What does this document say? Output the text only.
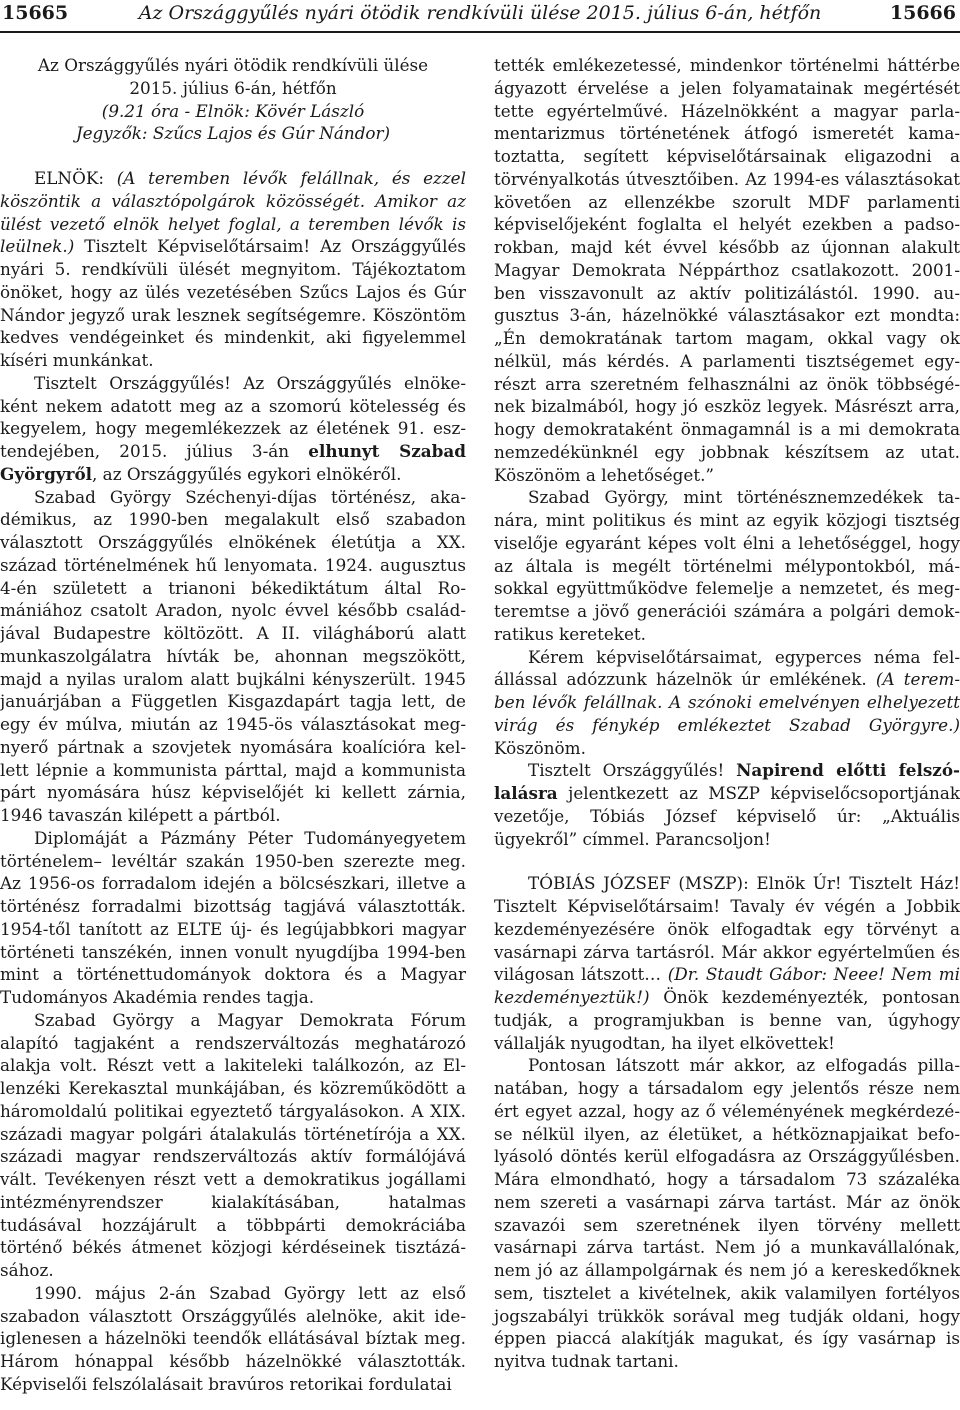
15665	Az Országgyűlés nyári ötödik rendkívüli ülése 2015. július 6-án, hétfőn	15666

Az Országgyűlés nyári ötödik rendkívüli ülése

2015. július 6-án, hétfőn

(9.21 óra - Elnök: Kövér László

Jegyzők: Szűcs Lajos és Gúr Nándor)

ELNÖK: (A teremben lévők felállnak, és ezzel köszöntik a választópolgárok közösségét. Amikor az ülést vezető elnök helyet foglal, a teremben lévők is leülnek.) Tisztelt Képviselőtársaim! Az Országgyűlés nyári 5. rendkívüli ülését megnyitom. Tájékoztatom önöket, hogy az ülés vezetésében Szűcs Lajos és Gúr Nándor jegyző urak lesznek segítségemre. Köszöntöm kedves vendégeinket és mindenkit, aki figyelemmel kíséri munkánkat.

Tisztelt Országgyűlés! Az Országgyűlés elnökeként nekem adatott meg az a szomorú kötelesség és kegyelem, hogy megemlékezzek az életének 91. esztendejében, 2015. július 3-án elhunyt Szabad Györgyről, az Országgyűlés egykori elnökéről.

Szabad György Széchenyi-díjas történész, akadémikus, az 1990-ben megalakult első szabadon választott Országgyűlés elnökének életútja a XX. század történelmének hű lenyomata. 1924. augusztus 4-én született a trianoni békediktátum által Romániához csatolt Aradon, nyolc évvel később családjával Budapestre költözött. A II. világháború alatt munkaszolgálatra hívták be, ahonnan megszökött, majd a nyilas uralom alatt bujkálni kényszerült. 1945 januárjában a Független Kisgazdapárt tagja lett, de egy év múlva, miután az 1945-ös választásokat megnyerő pártnak a szovjetek nyomására koalícióra kellett lépnie a kommunista párttal, majd a kommunista párt nyomására húsz képviselőjét ki kellett zárnia, 1946 tavaszán kilépett a pártból.

Diplomáját a Pázmány Péter Tudományegyetem történelem– levéltár szakán 1950-ben szerezte meg. Az 1956-os forradalom idején a bölcsészkari, illetve a történész forradalmi bizottság tagjává választották. 1954-től tanított az ELTE új- és legújabbkori magyar történeti tanszékén, innen vonult nyugdíjba 1994-ben mint a történettudományok doktora és a Magyar Tudományos Akadémia rendes tagja.

Szabad György a Magyar Demokrata Fórum alapító tagjaként a rendszerváltozás meghatározó alakja volt. Részt vett a lakiteleki találkozón, az Ellenzéki Kerekasztal munkájában, és közreműködött a háromoldalú politikai egyeztető tárgyalásokon. A XIX. századi magyar polgári átalakulás történetírója a XX. századi magyar rendszerváltozás aktív formálójává vált. Tevékenyen részt vett a demokratikus jogállami intézményrendszer kialakításában, hatalmas tudásával hozzájárult a többpárti demokráciába történő békés átmenet közjogi kérdéseinek tisztázásához.

1990. május 2-án Szabad György lett az első szabadon választott Országgyűlés alelnöke, akit ideiglenesen a házelnöki teendők ellátásával bíztak meg. Három hónappal később házelnökké választották. Képviselői felszólalásait bravúros retorikai fordulatai

tették emlékezetessé, mindenkor történelmi háttérbe ágyazott érvelése a jelen folyamatainak megértését tette egyértelművé. Házelnökként a magyar parlamentarizmus történetének átfogó ismeretét kamatoztatta, segített képviselőtársainak eligazodni a törvényalkotás útvesztőiben. Az 1994-es választásokat követően az ellenzékbe szorult MDF parlamenti képviselőjeként foglalta el helyét ezekben a padsorokban, majd két évvel később az újonnan alakult Magyar Demokrata Néppárthoz csatlakozott. 2001-ben visszavonult az aktív politizálástól. 1990. augusztus 3-án, házelnökké választásakor ezt mondta: „Én demokratának tartom magam, okkal vagy ok nélkül, más kérdés. A parlamenti tisztségemet egyrészt arra szeretném felhasználni az önök többségének bizalmából, hogy jó eszköz legyek. Másrészt arra, hogy demokrataként önmagamnál is a mi demokrata nemzedékünknél egy jobbnak készítsem az utat. Köszönöm a lehetőséget.”

Szabad György, mint történésznemzedékek tanára, mint politikus és mint az egyik közjogi tisztség viselője egyaránt képes volt élni a lehetőséggel, hogy az általa is megélt történelmi mélypontokból, másokkal együttműködve felemelje a nemzetet, és megteremtse a jövő generációi számára a polgári demokratikus kereteket.

Kérem képviselőtársaimat, egyperces néma felállással adózzunk házelnök úr emlékének. (A teremben lévők felállnak. A szónoki emelvényen elhelyezett virág és fénykép emlékeztet Szabad Györgyre.) Köszönöm.

Tisztelt Országgyűlés! Napirend előtti felszólalásra jelentkezett az MSZP képviselőcsoportjának vezetője, Tóbiás József képviselő úr: „Aktuális ügyekről” címmel. Parancsoljon!

TÓBIÁS JÓZSEF (MSZP): Elnök Úr! Tisztelt Ház! Tisztelt Képviselőtársaim! Tavaly év végén a Jobbik kezdeményezésére önök elfogadtak egy törvényt a vasárnapi zárva tartásról. Már akkor egyértelműen és világosan látszott… (Dr. Staudt Gábor: Neee! Nem mi kezdeményeztük!) Önök kezdeményezték, pontosan tudják, a programjukban is benne van, úgyhogy vállalják nyugodtan, ha ilyet elkövettek!

Pontosan látszott már akkor, az elfogadás pillanatában, hogy a társadalom egy jelentős része nem ért egyet azzal, hogy az ő véleményének megkérdezése nélkül ilyen, az életüket, a hétköznapjaikat befolyásoló döntés kerül elfogadásra az Országgyűlésben. Mára elmondható, hogy a társadalom 73 százaléka nem szereti a vasárnapi zárva tartást. Már az önök szavazói sem szeretnének ilyen törvény mellett vasárnapi zárva tartást. Nem jó a munkavállalónak, nem jó az állampolgárnak és nem jó a kereskedőknek sem, tisztelet a kivételnek, akik valamilyen fortélyos jogszabályi trükkök sorával meg tudják oldani, hogy éppen piaccá alakítják magukat, és így vasárnap is nyitva tudnak tartani.
